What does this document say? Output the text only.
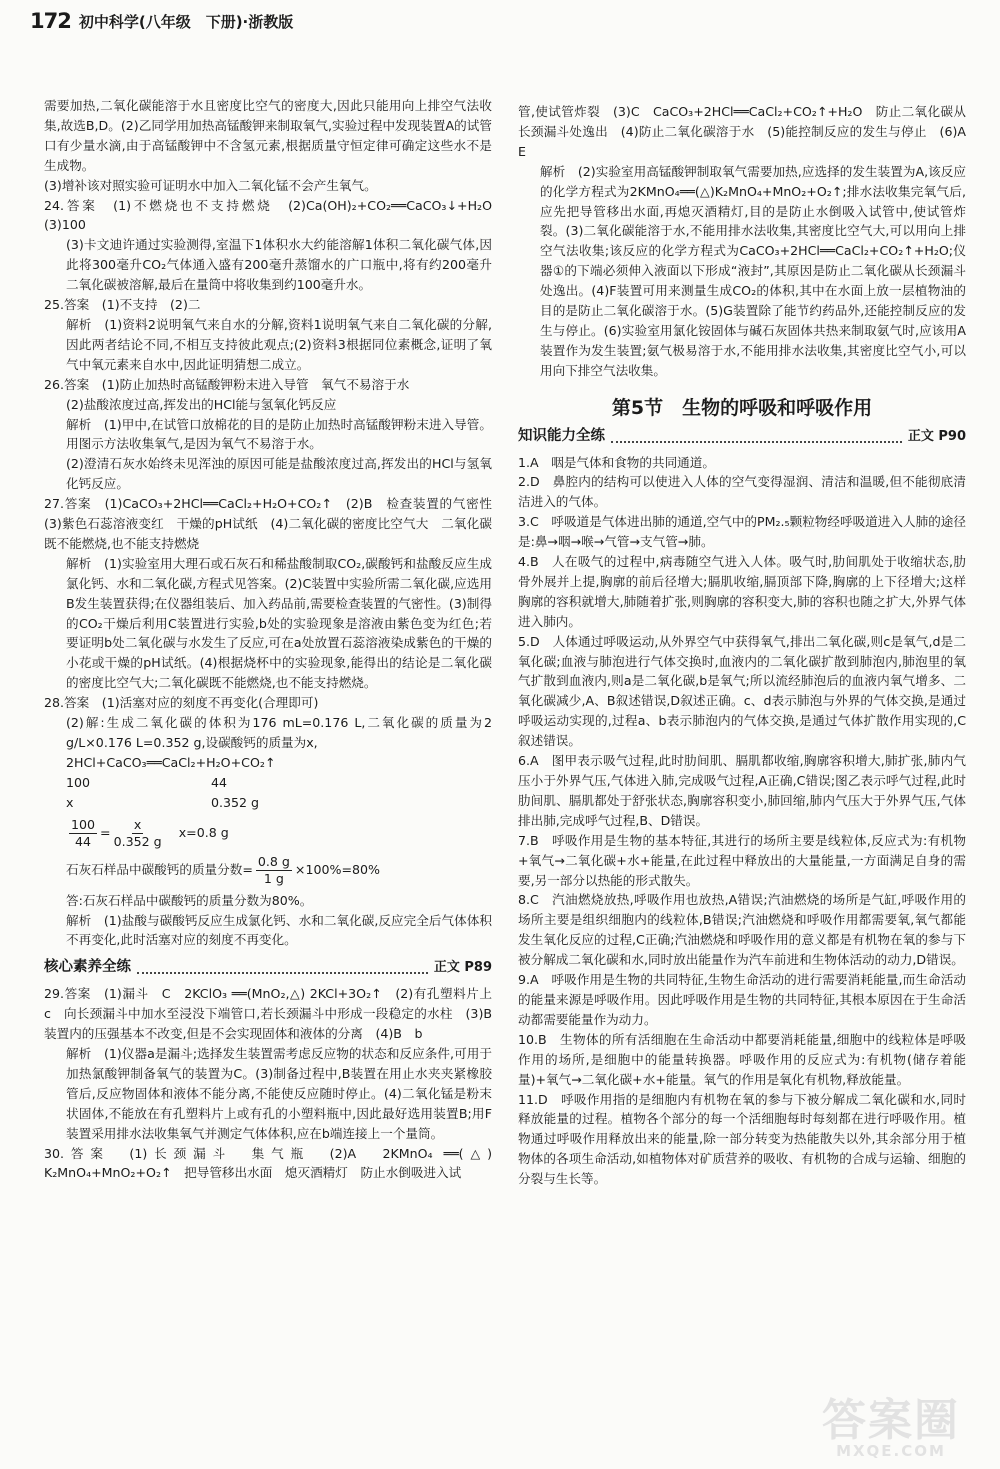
172 初中科学(八年级　下册)·浙教版

需要加热,二氧化碳能溶于水且密度比空气的密度大,因此只能用向上排空气法收集,故选B,D。(2)乙同学用加热高锰酸钾来制取氧气,实验过程中发现装置A的试管口有少量水滴,由于高锰酸钾中不含氢元素,根据质量守恒定律可确定这些水不是生成物。

(3)增补该对照实验可证明水中加入二氧化锰不会产生氧气。

24.答案　(1)不燃烧也不支持燃烧　(2)Ca(OH)₂+CO₂══CaCO₃↓+H₂O　(3)100

(3)卡文迪许通过实验测得,室温下1体积水大约能溶解1体积二氧化碳气体,因此将300毫升CO₂气体通入盛有200毫升蒸馏水的广口瓶中,将有约200毫升二氧化碳被溶解,最后在量筒中将收集到约100毫升水。

25.答案　(1)不支持　(2)二

解析　(1)资料2说明氧气来自水的分解,资料1说明氧气来自二氧化碳的分解,因此两者结论不同,不相互支持彼此观点;(2)资料3根据同位素概念,证明了氧气中氧元素来自水中,因此证明猜想二成立。

26.答案　(1)防止加热时高锰酸钾粉末进入导管　氧气不易溶于水

(2)盐酸浓度过高,挥发出的HCl能与氢氧化钙反应

解析　(1)甲中,在试管口放棉花的目的是防止加热时高锰酸钾粉末进入导管。用图示方法收集氧气,是因为氧气不易溶于水。

(2)澄清石灰水始终未见浑浊的原因可能是盐酸浓度过高,挥发出的HCl与氢氧化钙反应。

27.答案　(1)CaCO₃+2HCl══CaCl₂+H₂O+CO₂↑　(2)B　检查装置的气密性　(3)紫色石蕊溶液变红　干燥的pH试纸　(4)二氧化碳的密度比空气大　二氧化碳既不能燃烧,也不能支持燃烧

解析　(1)实验室用大理石或石灰石和稀盐酸制取CO₂,碳酸钙和盐酸反应生成氯化钙、水和二氧化碳,方程式见答案。(2)C装置中实验所需二氧化碳,应选用B发生装置获得;在仪器组装后、加入药品前,需要检查装置的气密性。(3)制得的CO₂干燥后利用C装置进行实验,b处的实验现象是溶液由紫色变为红色;若要证明b处二氧化碳与水发生了反应,可在a处放置石蕊溶液染成紫色的干燥的小花或干燥的pH试纸。(4)根据烧杯中的实验现象,能得出的结论是二氧化碳的密度比空气大;二氧化碳既不能燃烧,也不能支持燃烧。

28.答案　(1)活塞对应的刻度不再变化(合理即可)

(2)解:生成二氧化碳的体积为176 mL=0.176 L,二氧化碳的质量为2 g/L×0.176 L=0.352 g,设碳酸钙的质量为x,

2HCl+CaCO₃══CaCl₂+H₂O+CO₂↑
100	44
x	0.352 g
$\frac{100}{44} = \frac{x}{0.352 g} x=0.8$ g
石灰石样品中碳酸钙的质量分数= $\frac{0.8 g}{1 g} \times 100\%=80\%$
答:石灰石样品中碳酸钙的质量分数为80%。

解析　(1)盐酸与碳酸钙反应生成氯化钙、水和二氧化碳,反应完全后气体体积不再变化,此时活塞对应的刻度不再变化。

核心素养全练	正文 P89

29.答案　(1)漏斗　C　2KClO₃ ══(MnO₂,△) 2KCl+3O₂↑　(2)有孔塑料片上　c　向长颈漏斗中加水至浸没下端管口,若长颈漏斗中形成一段稳定的水柱　(3)B　装置内的压强基本不改变,但是不会实现固体和液体的分离　(4)B　b

解析　(1)仪器a是漏斗;选择发生装置需考虑反应物的状态和反应条件,可用于加热氯酸钾制备氧气的装置为C。(3)制备过程中,B装置在用止水夹夹紧橡胶管后,反应物固体和液体不能分离,不能使反应随时停止。(4)二氧化锰是粉末状固体,不能放在有孔塑料片上或有孔的小塑料瓶中,因此最好选用装置B;用F装置采用排水法收集氧气并测定气体体积,应在b端连接上一个量筒。

30.答案　(1)长颈漏斗　集气瓶　(2)A　2KMnO₄ ══(△) K₂MnO₄+MnO₂+O₂↑　把导管移出水面　熄灭酒精灯　防止水倒吸进入试

管,使试管炸裂　(3)C　CaCO₃+2HCl══CaCl₂+CO₂↑+H₂O　防止二氧化碳从长颈漏斗处逸出　(4)防止二氧化碳溶于水　(5)能控制反应的发生与停止　(6)A　E

解析　(2)实验室用高锰酸钾制取氧气需要加热,应选择的发生装置为A,该反应的化学方程式为2KMnO₄══(△)K₂MnO₄+MnO₂+O₂↑;排水法收集完氧气后,应先把导管移出水面,再熄灭酒精灯,目的是防止水倒吸入试管中,使试管炸裂。(3)二氧化碳能溶于水,不能用排水法收集,其密度比空气大,可以用向上排空气法收集;该反应的化学方程式为CaCO₃+2HCl══CaCl₂+CO₂↑+H₂O;仪器①的下端必须伸入液面以下形成“液封”,其原因是防止二氧化碳从长颈漏斗处逸出。(4)F装置可用来测量生成CO₂的体积,其中在水面上放一层植物油的目的是防止二氧化碳溶于水。(5)G装置除了能节约药品外,还能控制反应的发生与停止。(6)实验室用氯化铵固体与碱石灰固体共热来制取氨气时,应该用A装置作为发生装置;氨气极易溶于水,不能用排水法收集,其密度比空气小,可以用向下排空气法收集。

第5节　生物的呼吸和呼吸作用
知识能力全练	正文 P90

1.A　咽是气体和食物的共同通道。

2.D　鼻腔内的结构可以使进入人体的空气变得湿润、清洁和温暖,但不能彻底清洁进入的气体。

3.C　呼吸道是气体进出肺的通道,空气中的PM₂.₅颗粒物经呼吸道进入人肺的途径是:鼻→咽→喉→气管→支气管→肺。

4.B　人在吸气的过程中,病毒随空气进入人体。吸气时,肋间肌处于收缩状态,肋骨外展并上提,胸廓的前后径增大;膈肌收缩,膈顶部下降,胸廓的上下径增大;这样胸廓的容积就增大,肺随着扩张,则胸廓的容积变大,肺的容积也随之扩大,外界气体进入肺内。

5.D　人体通过呼吸运动,从外界空气中获得氧气,排出二氧化碳,则c是氧气,d是二氧化碳;血液与肺泡进行气体交换时,血液内的二氧化碳扩散到肺泡内,肺泡里的氧气扩散到血液内,则a是二氧化碳,b是氧气;所以流经肺泡后的血液内氧气增多、二氧化碳减少,A、B叙述错误,D叙述正确。c、d表示肺泡与外界的气体交换,是通过呼吸运动实现的,过程a、b表示肺泡内的气体交换,是通过气体扩散作用实现的,C叙述错误。

6.A　图甲表示吸气过程,此时肋间肌、膈肌都收缩,胸廓容积增大,肺扩张,肺内气压小于外界气压,气体进入肺,完成吸气过程,A正确,C错误;图乙表示呼气过程,此时肋间肌、膈肌都处于舒张状态,胸廓容积变小,肺回缩,肺内气压大于外界气压,气体排出肺,完成呼气过程,B、D错误。

7.B　呼吸作用是生物的基本特征,其进行的场所主要是线粒体,反应式为:有机物+氧气→二氧化碳+水+能量,在此过程中释放出的大量能量,一方面满足自身的需要,另一部分以热能的形式散失。

8.C　汽油燃烧放热,呼吸作用也放热,A错误;汽油燃烧的场所是气缸,呼吸作用的场所主要是组织细胞内的线粒体,B错误;汽油燃烧和呼吸作用都需要氧,氧气都能发生氧化反应的过程,C正确;汽油燃烧和呼吸作用的意义都是有机物在氧的参与下被分解成二氧化碳和水,同时放出能量作为汽车前进和生物体活动的动力,D错误。

9.A　呼吸作用是生物的共同特征,生物生命活动的进行需要消耗能量,而生命活动的能量来源是呼吸作用。因此呼吸作用是生物的共同特征,其根本原因在于生命活动都需要能量作为动力。

10.B　生物体的所有活细胞在生命活动中都要消耗能量,细胞中的线粒体是呼吸作用的场所,是细胞中的能量转换器。呼吸作用的反应式为:有机物(储存着能量)+氧气→二氧化碳+水+能量。氧气的作用是氧化有机物,释放能量。

11.D　呼吸作用指的是细胞内有机物在氧的参与下被分解成二氧化碳和水,同时释放能量的过程。植物各个部分的每一个活细胞每时每刻都在进行呼吸作用。植物通过呼吸作用释放出来的能量,除一部分转变为热能散失以外,其余部分用于植物体的各项生命活动,如植物体对矿质营养的吸收、有机物的合成与运输、细胞的分裂与生长等。

答案圈
MXQE.COM
